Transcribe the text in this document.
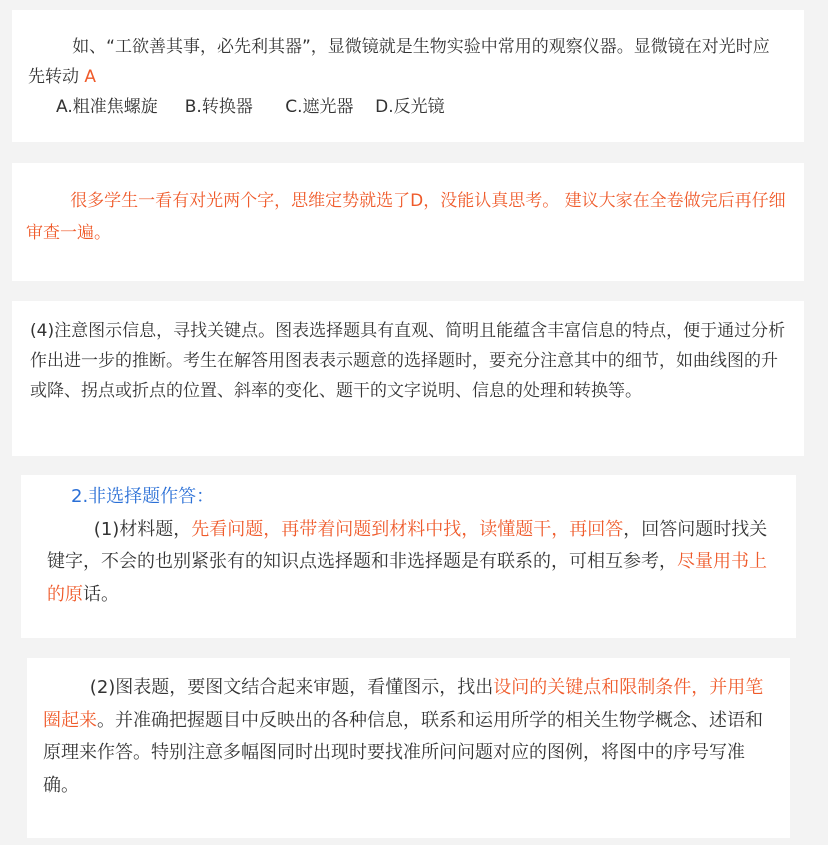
如、“工欲善其事，必先利其器”，显微镜就是生物实验中常用的观察仪器。显微镜在对光时应先转动 A

A.粗准焦螺旋     B.转换器      C.遮光器    D.反光镜

很多学生一看有对光两个字，思维定势就选了D，没能认真思考。 建议大家在全卷做完后再仔细审查一遍。

(4)注意图示信息，寻找关键点。图表选择题具有直观、简明且能蕴含丰富信息的特点，便于通过分析作出进一步的推断。考生在解答用图表表示题意的选择题时，要充分注意其中的细节，如曲线图的升或降、拐点或折点的位置、斜率的变化、题干的文字说明、信息的处理和转换等。

2.非选择题作答：

(1)材料题，先看问题，再带着问题到材料中找，读懂题干，再回答，回答问题时找关键字，不会的也别紧张有的知识点选择题和非选择题是有联系的，可相互参考，尽量用书上的原话。

(2)图表题，要图文结合起来审题，看懂图示，找出设问的关键点和限制条件，并用笔圈起来。并准确把握题目中反映出的各种信息，联系和运用所学的相关生物学概念、述语和原理来作答。特别注意多幅图同时出现时要找准所问问题对应的图例，将图中的序号写准确。
